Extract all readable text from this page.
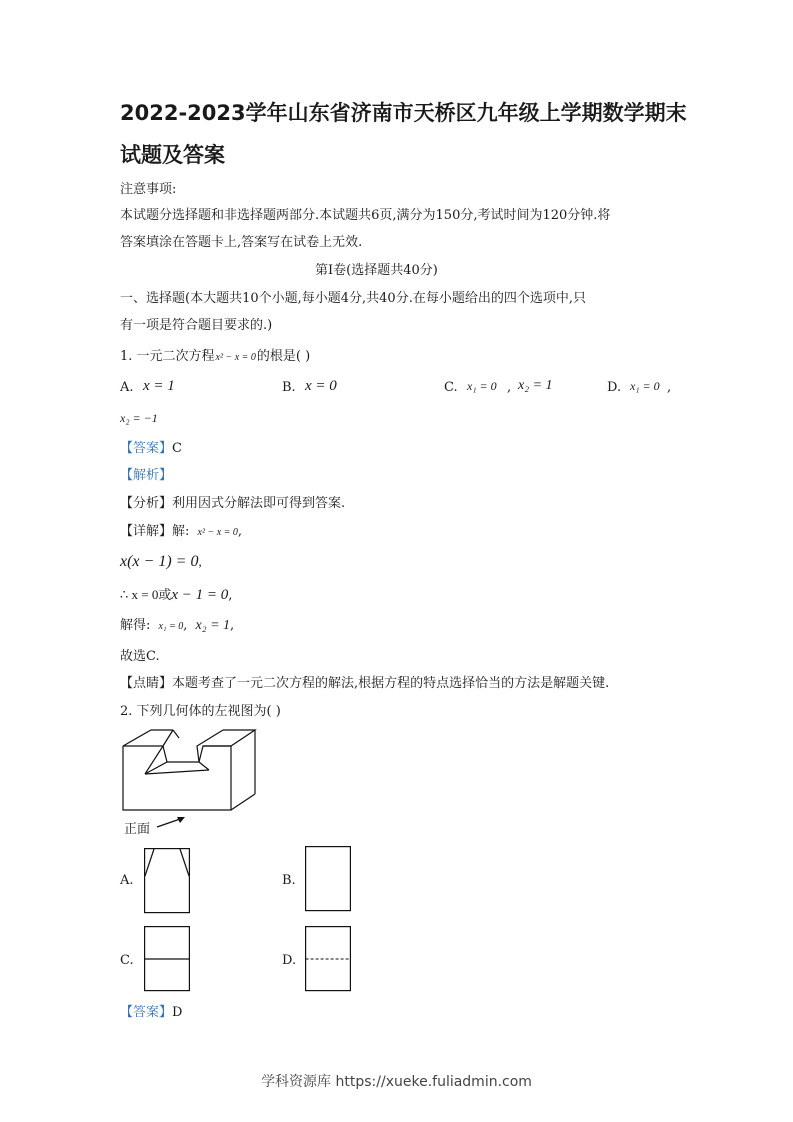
2022-2023学年山东省济南市天桥区九年级上学期数学期末
试题及答案
注意事项:
本试题分选择题和非选择题两部分.本试题共6页,满分为150分,考试时间为120分钟.将
答案填涂在答题卡上,答案写在试卷上无效.
第Ⅰ卷(选择题共40分)
一、选择题(本大题共10个小题,每小题4分,共40分.在每小题给出的四个选项中,只
有一项是符合题目要求的.)
1. 一元二次方程x² − x = 0的根是( )
A. x = 1	B. x = 0	C. x₁ = 0 , x₂ = 1	D. x₁ = 0 ,
x₂ = −1
【答案】C
【解析】
【分析】利用因式分解法即可得到答案.
【详解】解: x² − x = 0,
x(x − 1) = 0,
∴ x = 0或x − 1 = 0,
解得: x₁ = 0, x₂ = 1,
故选C.
【点睛】本题考查了一元二次方程的解法,根据方程的特点选择恰当的方法是解题关键.
2. 下列几何体的左视图为( )
正面
A.	B.
C.	D.
【答案】D
学科资源库 https://xueke.fuliadmin.com
